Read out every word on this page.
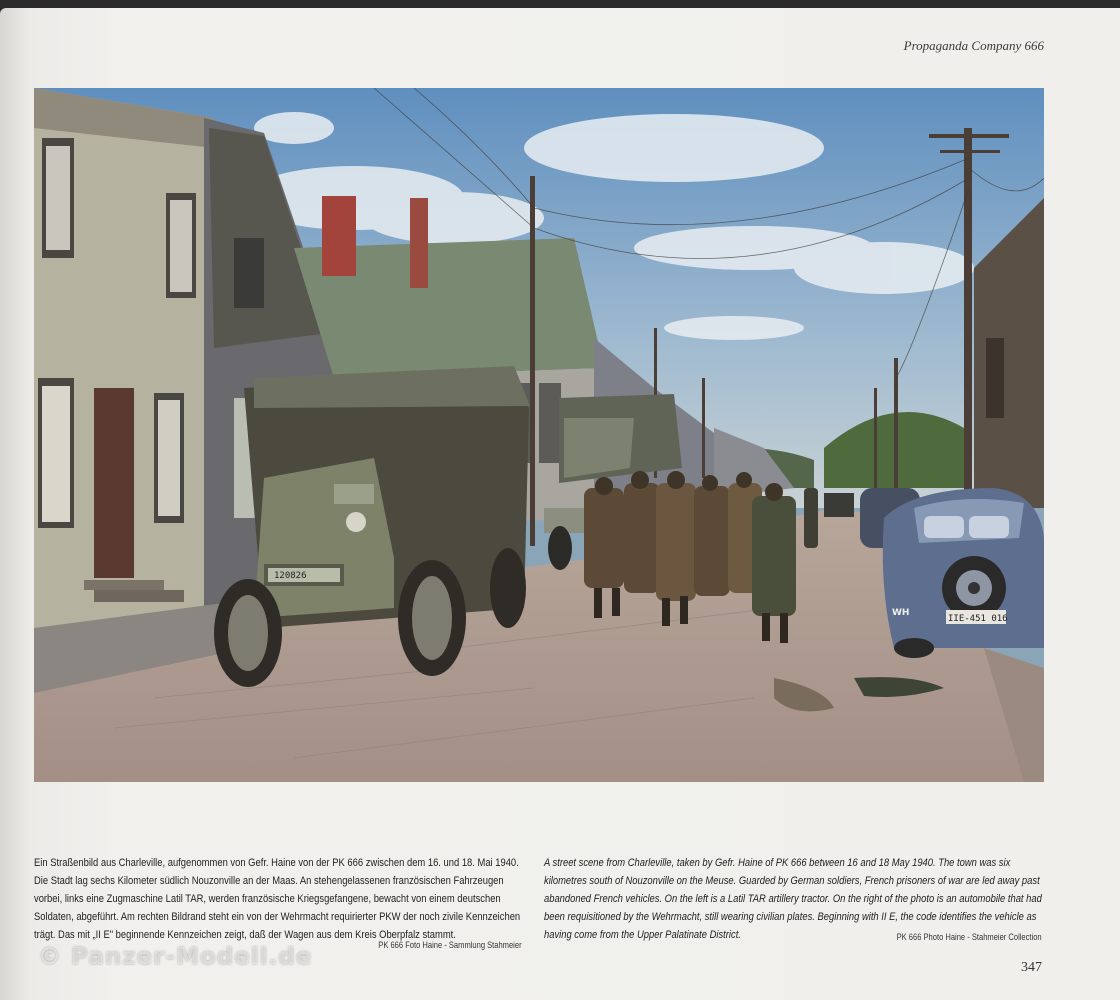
Propaganda Company 666
120826
IIE-451 016
WH
Ein Straßenbild aus Charleville, aufgenommen von Gefr. Haine von der PK 666 zwischen dem 16. und 18. Mai 1940. Die Stadt lag sechs Kilometer südlich Nouzonville an der Maas. An stehengelassenen französischen Fahrzeugen vorbei, links eine Zugmaschine Latil TAR, werden französische Kriegsgefangene, bewacht von einem deutschen Soldaten, abgeführt. Am rechten Bildrand steht ein von der Wehrmacht requirierter PKW der noch zivile Kennzeichen trägt. Das mit „II E" beginnende Kennzeichen zeigt, daß der Wagen aus dem Kreis Oberpfalz stammt.
PK 666 Foto Haine - Sammlung Stahmeier
A street scene from Charleville, taken by Gefr. Haine of PK 666 between 16 and 18 May 1940. The town was six kilometres south of Nouzonville on the Meuse. Guarded by German soldiers, French prisoners of war are led away past abandoned French vehicles. On the left is a Latil TAR artillery tractor. On the right of the photo is an automobile that had been requisitioned by the Wehrmacht, still wearing civilian plates. Beginning with II E, the code identifies the vehicle as having come from the Upper Palatinate District.	PK 666 Photo Haine - Stahmeier Collection
© Panzer-Modell.de	347
